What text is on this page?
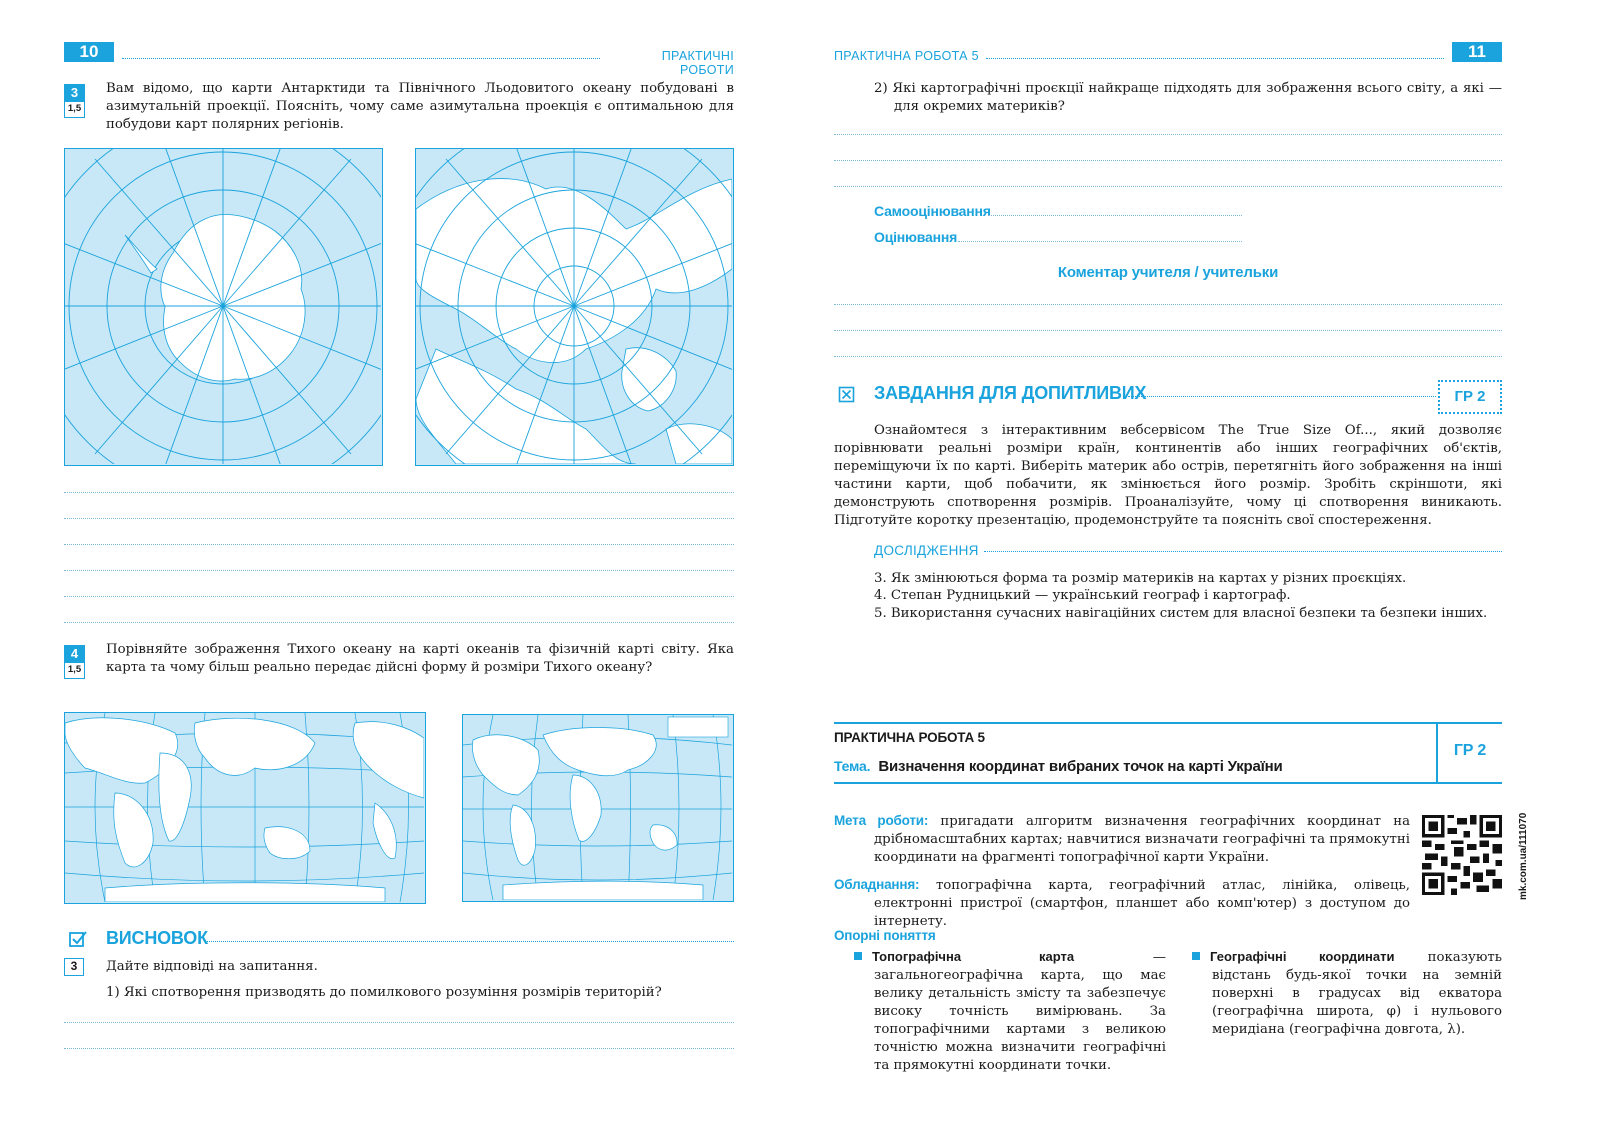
10	ПРАКТИЧНІ РОБОТИ
3
1,5
Вам відомо, що карти Антарктиди та Північного Льодовитого океану побудовані в азимутальній проекції. Поясніть, чому саме азимутальна проекція є оптимальною для побудови карт полярних регіонів.
4
1,5
Порівняйте зображення Тихого океану на карті океанів та фізичній карті світу. Яка карта та чому більш реально передає дійсні форму й розміри Тихого океану?
ВИСНОВОК
3	Дайте відповіді на запитання.
1) Які спотворення призводять до помилкового розуміння розмірів територій?
ПРАКТИЧНА РОБОТА 5	11
2) Які картографічні проєкції найкраще підходять для зображення всього світу, а які — для окремих материків?
Самооцінювання
Оцінювання
Коментар учителя / учительки
ЗАВДАННЯ ДЛЯ ДОПИТЛИВИХ	ГР 2
Ознайомтеся з інтерактивним вебсервісом The True Size Of..., який дозволяє порівнювати реальні розміри країн, континентів або інших географічних об'єктів, переміщуючи їх по карті. Виберіть материк або острів, перетягніть його зображення на інші частини карти, щоб побачити, як змінюється його розмір. Зробіть скріншоти, які демонструють спотворення розмірів. Проаналізуйте, чому ці спотворення виникають. Підготуйте коротку презентацію, продемонструйте та поясніть свої спостереження.
ДОСЛІДЖЕННЯ
3. Як змінюються форма та розмір материків на картах у різних проєкціях.
4. Степан Рудницький — український географ і картограф.
5. Використання сучасних навігаційних систем для власної безпеки та безпеки інших.
ПРАКТИЧНА РОБОТА 5
Тема. Визначення координат вибраних точок на карті України
ГР 2
Мета роботи: пригадати алгоритм визначення географічних координат на дрібномасштабних картах; навчитися визначати географічні та прямокутні координати на фрагменті топографічної карти України.	mk.com.ua/111070
Обладнання: топографічна карта, географічний атлас, лінійка, олівець, електронні пристрої (смартфон, планшет або комп'ютер) з доступом до інтернету.
Опорні поняття
Топографічна карта — загальногеографічна карта, що має велику детальність змісту та забезпечує високу точність вимірювань. За топографічними картами з великою точністю можна визначити географічні та прямокутні координати точки.
Географічні координати показують відстань будь-якої точки на земній поверхні в градусах від екватора (географічна широта, φ) і нульового меридіана (географічна довгота, λ).
